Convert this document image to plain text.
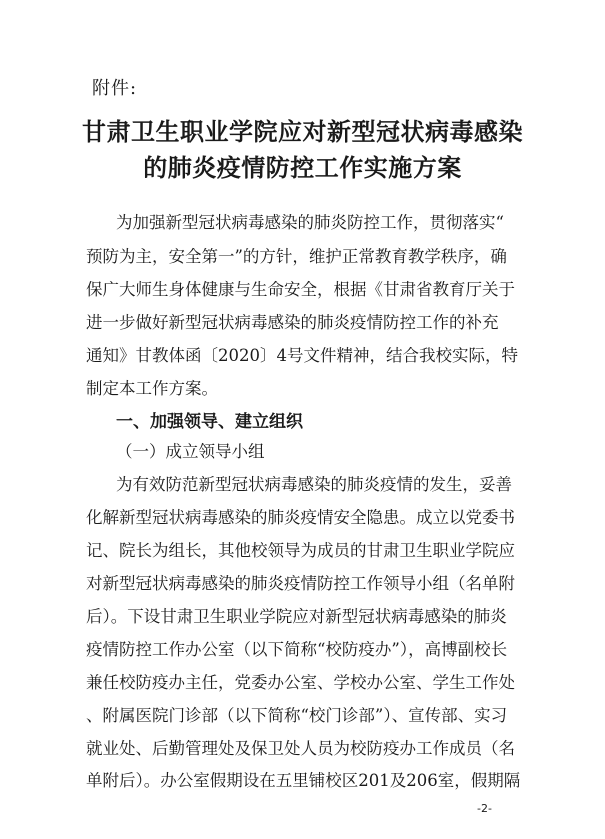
附件:
甘肃卫生职业学院应对新型冠状病毒感染
的肺炎疫情防控工作实施方案
为加强新型冠状病毒感染的肺炎防控工作，贯彻落实“
预防为主，安全第一”的方针，维护正常教育教学秩序，确
保广大师生身体健康与生命安全，根据《甘肃省教育厅关于
进一步做好新型冠状病毒感染的肺炎疫情防控工作的补充
通知》甘教体函〔2020〕4号文件精神，结合我校实际，特
制定本工作方案。
一、加强领导、建立组织
（一）成立领导小组
为有效防范新型冠状病毒感染的肺炎疫情的发生，妥善
化解新型冠状病毒感染的肺炎疫情安全隐患。成立以党委书
记、院长为组长，其他校领导为成员的甘肃卫生职业学院应
对新型冠状病毒感染的肺炎疫情防控工作领导小组（名单附
后）。下设甘肃卫生职业学院应对新型冠状病毒感染的肺炎
疫情防控工作办公室（以下简称“校防疫办”），高博副校长
兼任校防疫办主任，党委办公室、学校办公室、学生工作处
、附属医院门诊部（以下简称“校门诊部”）、宣传部、实习
就业处、后勤管理处及保卫处人员为校防疫办工作成员（名
单附后）。办公室假期设在五里铺校区201及206室，假期隔
-2-
